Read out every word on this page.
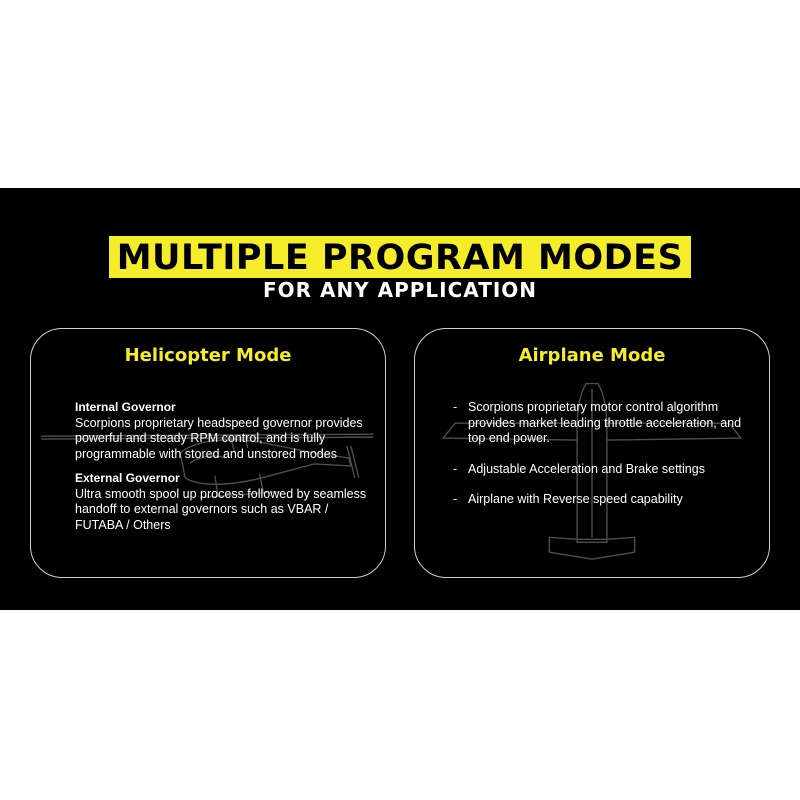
MULTIPLE PROGRAM MODES
FOR ANY APPLICATION
Helicopter Mode
Internal Governor
Scorpions proprietary headspeed governor provides powerful and steady RPM control, and is fully programmable with stored and unstored modes
External Governor
Ultra smooth spool up process followed by seamless handoff to external governors such as VBAR / FUTABA / Others
Airplane Mode
- Scorpions proprietary motor control algorithm provides market leading throttle acceleration, and top end power.
- Adjustable Acceleration and Brake settings
- Airplane with Reverse speed capability
